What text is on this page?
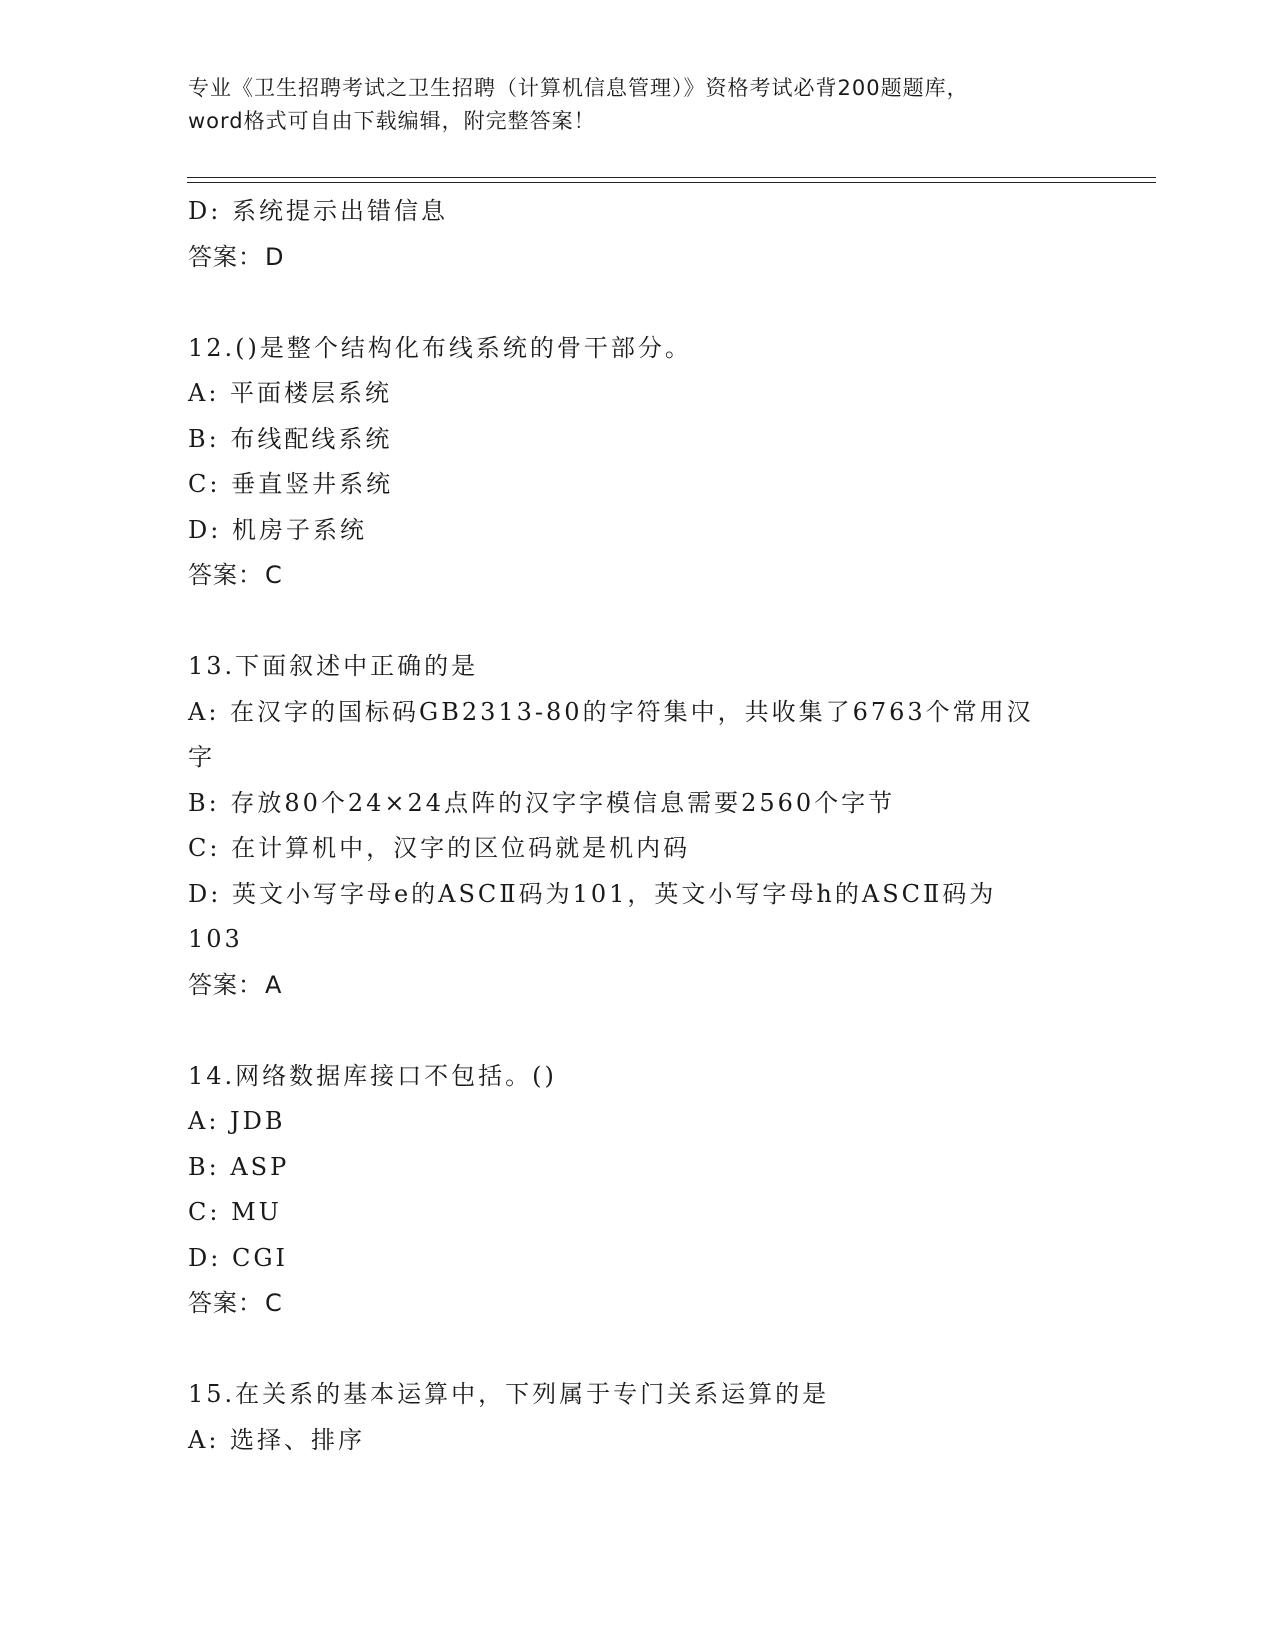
专业《卫生招聘考试之卫生招聘（计算机信息管理）》资格考试必背200题题库，
word格式可自由下载编辑，附完整答案！
D: 系统提示出错信息
答案：D
12.()是整个结构化布线系统的骨干部分。
A: 平面楼层系统
B: 布线配线系统
C: 垂直竖井系统
D: 机房子系统
答案：C
13.下面叙述中正确的是
A: 在汉字的国标码GB2313-80的字符集中，共收集了6763个常用汉
字
B: 存放80个24×24点阵的汉字字模信息需要2560个字节
C: 在计算机中，汉字的区位码就是机内码
D: 英文小写字母e的ASCⅡ码为101，英文小写字母h的ASCⅡ码为
103
答案：A
14.网络数据库接口不包括。()
A: JDB
B: ASP
C: MU
D: CGI
答案：C
15.在关系的基本运算中，下列属于专门关系运算的是
A: 选择、排序
